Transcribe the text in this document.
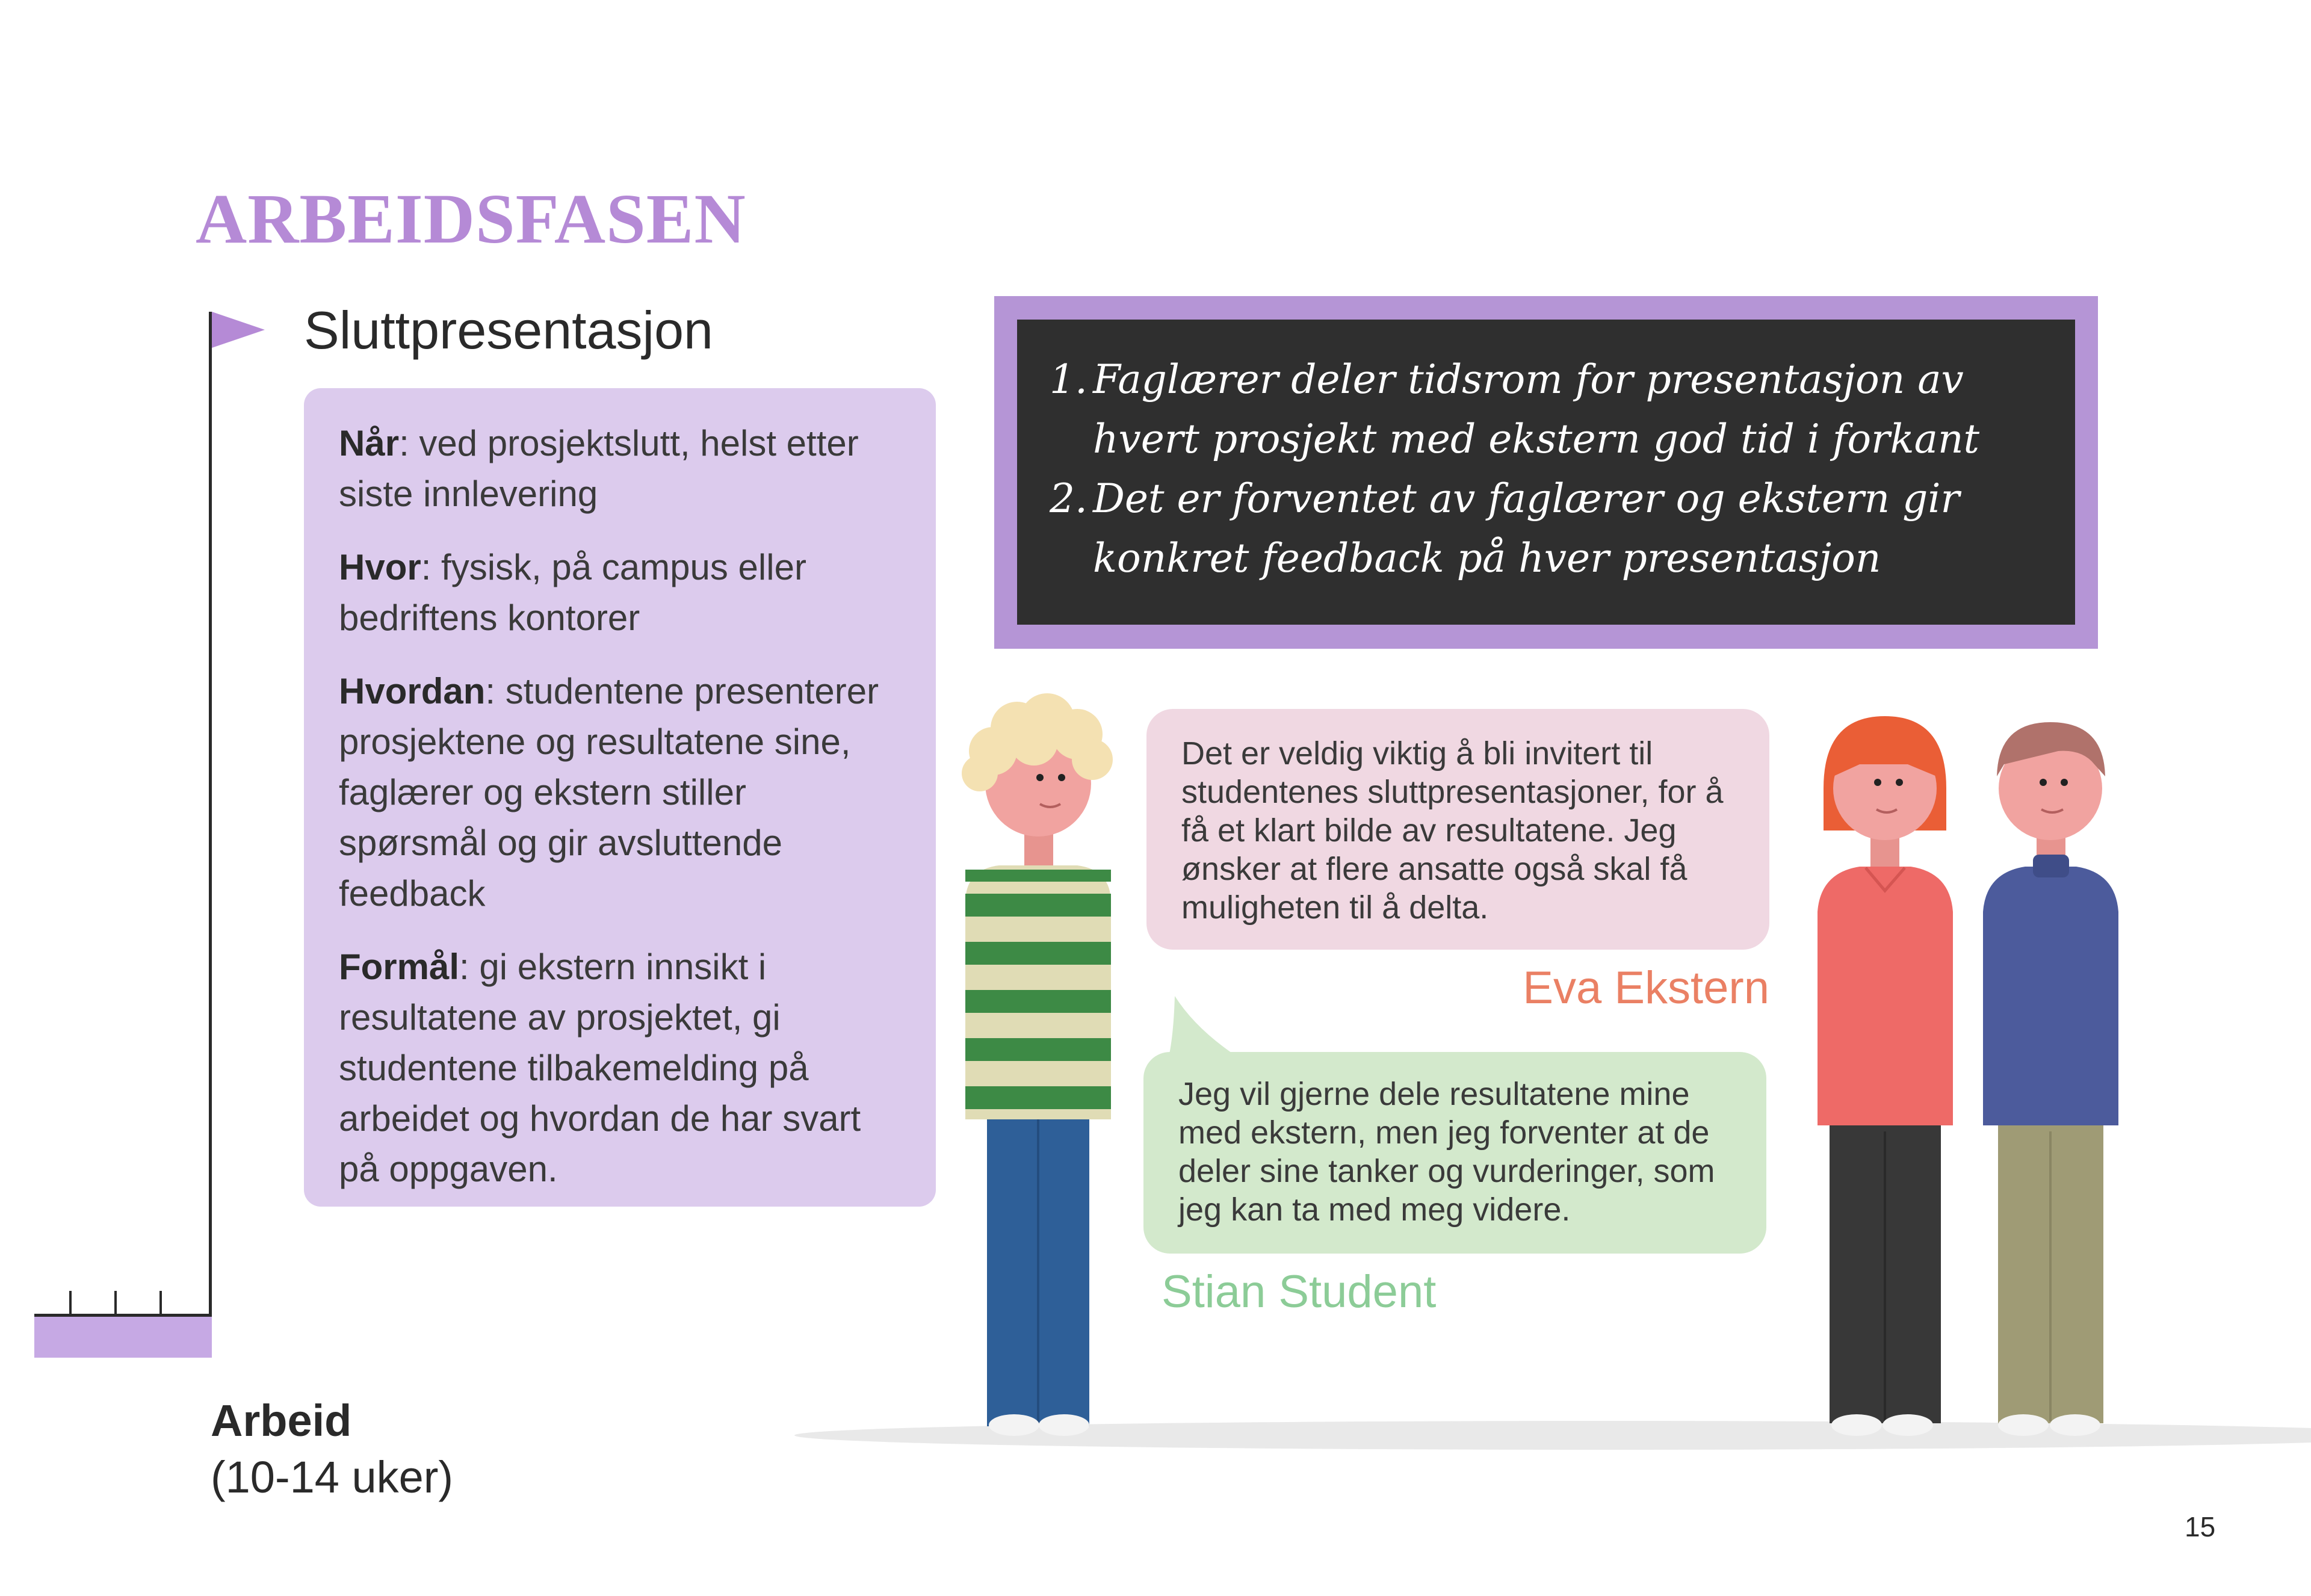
ARBEIDSFASEN
Sluttpresentasjon

Når: ved prosjektslutt, helst etter siste innlevering

Hvor: fysisk, på campus eller bedriftens kontorer

Hvordan: studentene presenterer prosjektene og resultatene sine, faglærer og ekstern stiller spørsmål og gir avsluttende feedback

Formål: gi ekstern innsikt i resultatene av prosjektet, gi studentene tilbakemelding på arbeidet og hvordan de har svart på oppgaven.

1. Faglærer deler tidsrom for presentasjon av hvert prosjekt med ekstern god tid i forkant
2. Det er forventet av faglærer og ekstern gir konkret feedback på hver presentasjon
Det er veldig viktig å bli invitert til studentenes sluttpresentasjoner, for å få et klart bilde av resultatene. Jeg ønsker at flere ansatte også skal få muligheten til å delta.
Eva Ekstern
Jeg vil gjerne dele resultatene mine med ekstern, men jeg forventer at de deler sine tanker og vurderinger, som jeg kan ta med meg videre.
Stian Student
Arbeid
(10-14 uker)
15
